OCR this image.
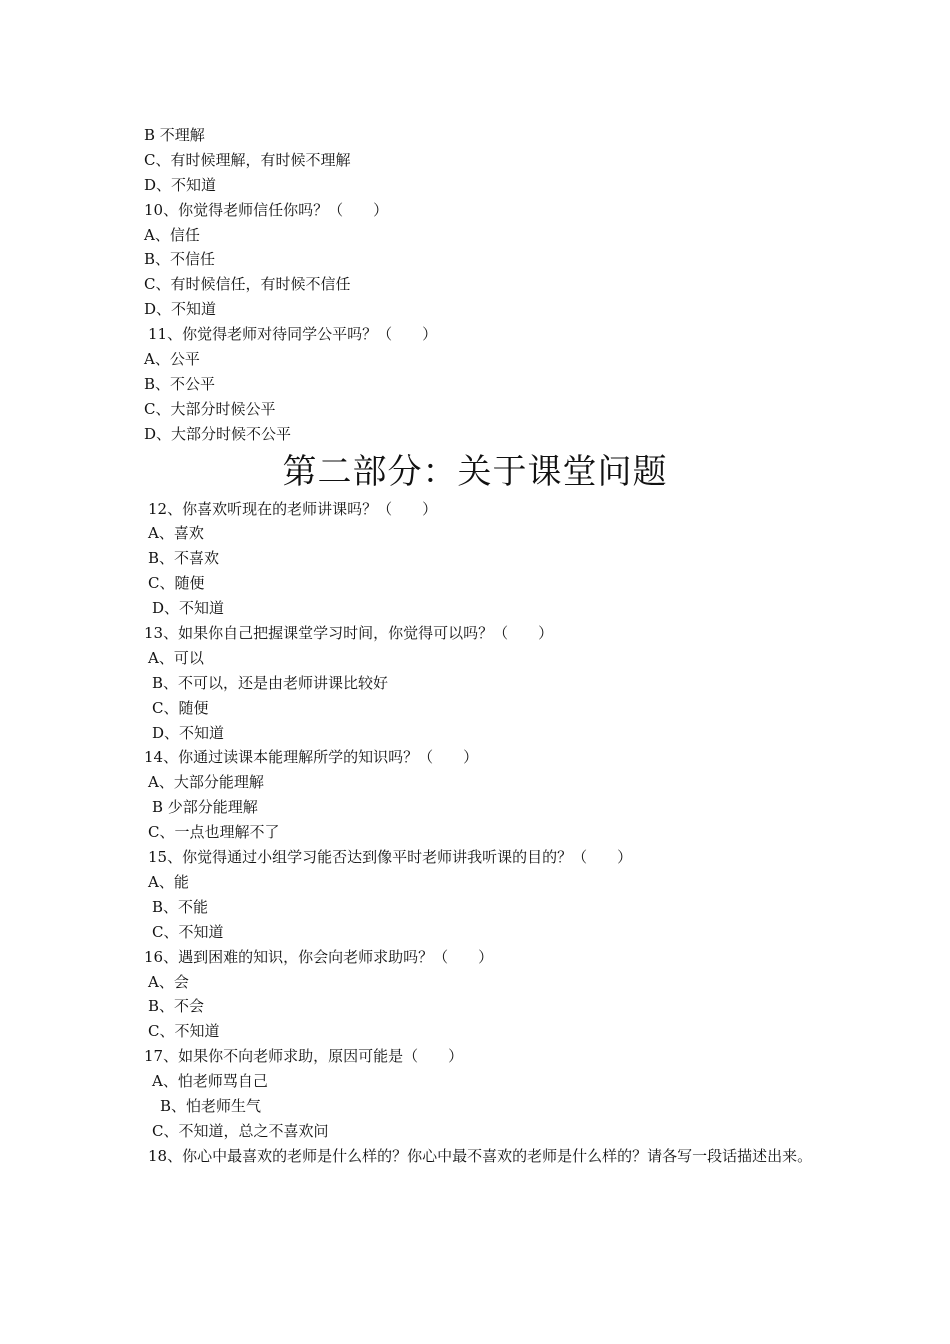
B 不理解
C、有时候理解，有时候不理解
D、不知道
10、你觉得老师信任你吗？（　　）
A、信任
B、不信任
C、有时候信任，有时候不信任
D、不知道
11、你觉得老师对待同学公平吗？（　　）
A、公平
B、不公平
C、大部分时候公平
D、大部分时候不公平
第二部分：关于课堂问题
12、你喜欢听现在的老师讲课吗？（　　）
A、喜欢
B、不喜欢
C、随便
D、不知道
13、如果你自己把握课堂学习时间，你觉得可以吗？（　　）
A、可以
B、不可以，还是由老师讲课比较好
C、随便
D、不知道
14、你通过读课本能理解所学的知识吗？（　　）
A、大部分能理解
B 少部分能理解
C、一点也理解不了
15、你觉得通过小组学习能否达到像平时老师讲我听课的目的？（　　）
A、能
B、不能
C、不知道
16、遇到困难的知识，你会向老师求助吗？（　　）
A、会
B、不会
C、不知道
17、如果你不向老师求助，原因可能是（　　）
A、怕老师骂自己
B、怕老师生气
C、不知道，总之不喜欢问
18、你心中最喜欢的老师是什么样的？你心中最不喜欢的老师是什么样的？请各写一段话描述出来。
